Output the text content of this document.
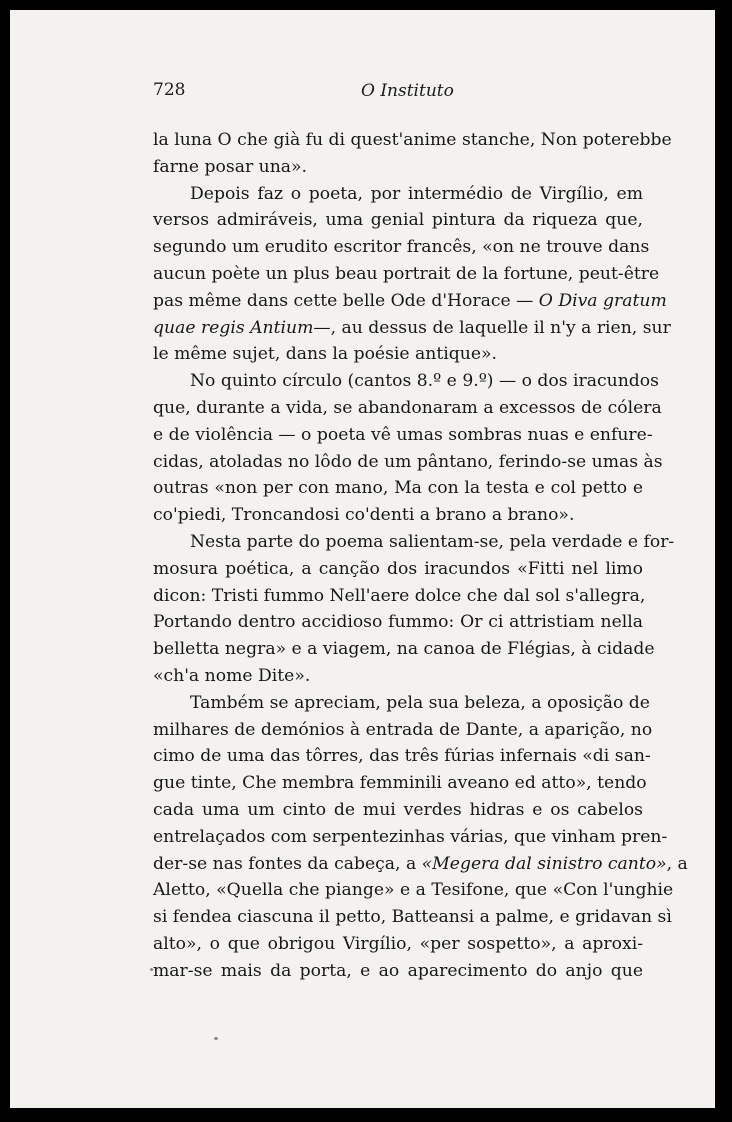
728	O Instituto
la luna O che già fu di quest'anime stanche, Non poterebbe
farne posar una».
Depois faz o poeta, por intermédio de Virgílio, em
versos admiráveis, uma genial pintura da riqueza que,
segundo um erudito escritor francês, «on ne trouve dans
aucun poète un plus beau portrait de la fortune, peut-être
pas même dans cette belle Ode d'Horace — O Diva gratum
quae regis Antium—, au dessus de laquelle il n'y a rien, sur
le même sujet, dans la poésie antique».
No quinto círculo (cantos 8.º e 9.º) — o dos iracundos
que, durante a vida, se abandonaram a excessos de cólera
e de violência — o poeta vê umas sombras nuas e enfure-
cidas, atoladas no lôdo de um pântano, ferindo-se umas às
outras «non per con mano, Ma con la testa e col petto e
co'piedi, Troncandosi co'denti a brano a brano».
Nesta parte do poema salientam-se, pela verdade e for-
mosura poética, a canção dos iracundos «Fitti nel limo
dicon: Tristi fummo Nell'aere dolce che dal sol s'allegra,
Portando dentro accidioso fummo: Or ci attristiam nella
belletta negra» e a viagem, na canoa de Flégias, à cidade
«ch'a nome Dite».
Também se apreciam, pela sua beleza, a oposição de
milhares de demónios à entrada de Dante, a aparição, no
cimo de uma das tôrres, das três fúrias infernais «di san-
gue tinte, Che membra femminili aveano ed atto», tendo
cada uma um cinto de mui verdes hidras e os cabelos
entrelaçados com serpentezinhas várias, que vinham pren-
der-se nas fontes da cabeça, a «Megera dal sinistro canto», a
Aletto, «Quella che piange» e a Tesifone, que «Con l'unghie
si fendea ciascuna il petto, Batteansi a palme, e gridavan sì
alto», o que obrigou Virgílio, «per sospetto», a aproxi-
mar-se mais da porta, e ao aparecimento do anjo que
